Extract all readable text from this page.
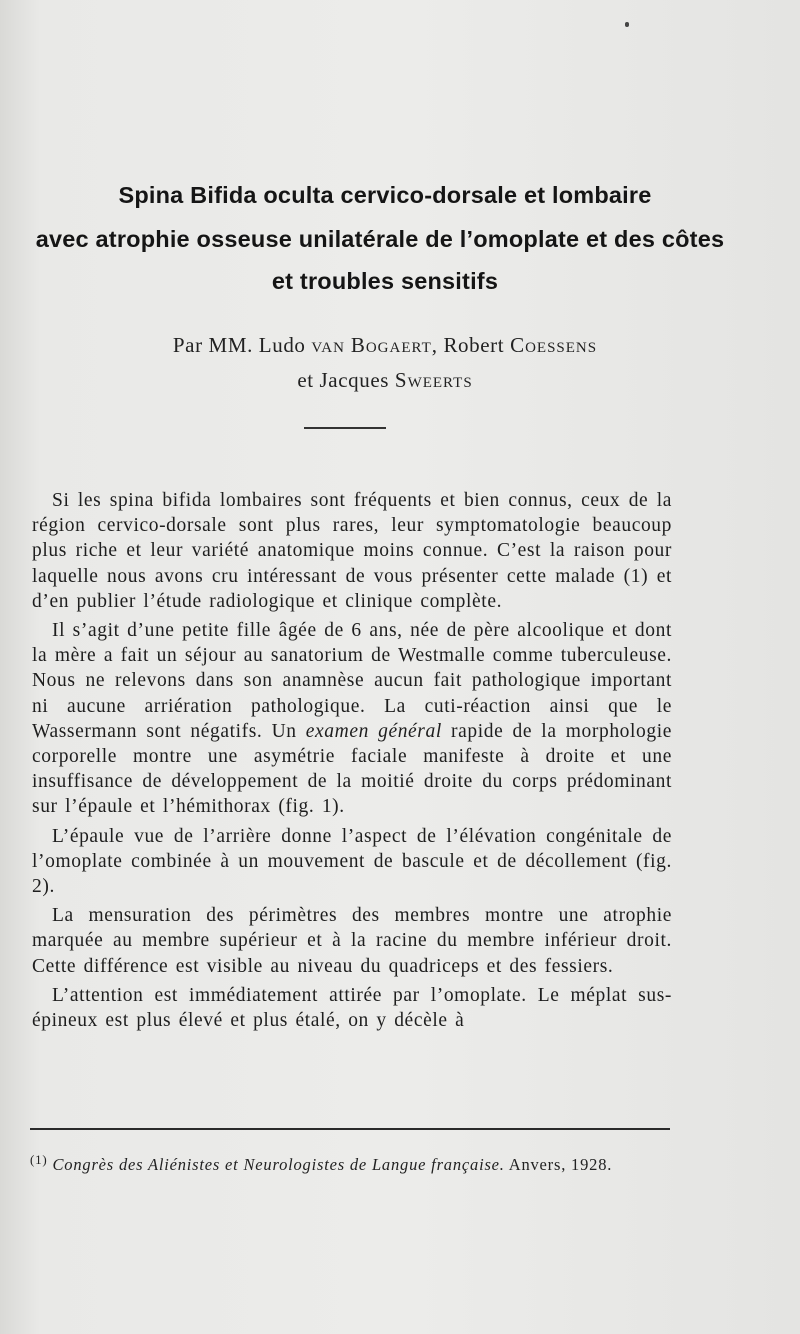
Spina Bifida oculta cervico-dorsale et lombaire
avec atrophie osseuse unilatérale de l’omoplate et des côtes
et troubles sensitifs
Par MM. Ludo van Bogaert, Robert Coessens
et Jacques Sweerts

Si les spina bifida lombaires sont fréquents et bien connus, ceux de la région cervico-dorsale sont plus rares, leur symptomatologie beaucoup plus riche et leur variété anatomique moins connue. C’est la raison pour laquelle nous avons cru intéressant de vous présenter cette malade (1) et d’en publier l’étude radiologique et clinique complète.

Il s’agit d’une petite fille âgée de 6 ans, née de père alcoolique et dont la mère a fait un séjour au sanatorium de Westmalle comme tuberculeuse. Nous ne relevons dans son anamnèse aucun fait pathologique important ni aucune arriération pathologique. La cuti-réaction ainsi que le Wassermann sont négatifs. Un examen général rapide de la morphologie corporelle montre une asymétrie faciale manifeste à droite et une insuffisance de développement de la moitié droite du corps prédominant sur l’épaule et l’hémithorax (fig. 1).

L’épaule vue de l’arrière donne l’aspect de l’élévation congénitale de l’omoplate combinée à un mouvement de bascule et de décollement (fig. 2).

La mensuration des périmètres des membres montre une atrophie marquée au membre supérieur et à la racine du membre inférieur droit. Cette différence est visible au niveau du quadriceps et des fessiers.

L’attention est immédiatement attirée par l’omoplate. Le méplat sus-épineux est plus élevé et plus étalé, on y décèle à

$^{(1)}$ Congrès des Aliénistes et Neurologistes de Langue française. Anvers, 1928.
